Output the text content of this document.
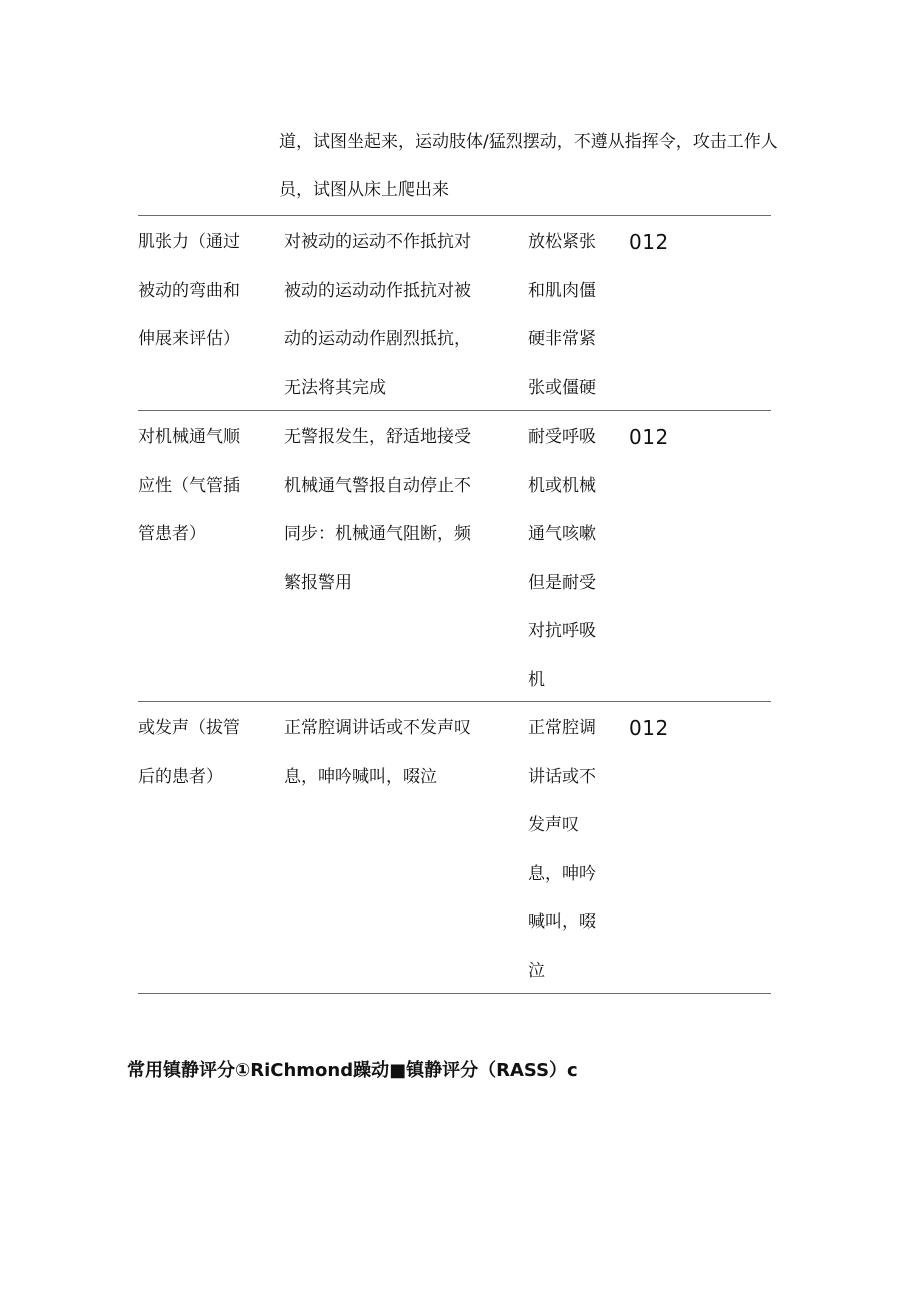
道，试图坐起来，运动肢体/猛烈摆动，不遵从指挥令，攻击工作人
员，试图从床上爬出来
肌张力（通过
被动的弯曲和
伸展来评估）
对被动的运动不作抵抗对
被动的运动动作抵抗对被
动的运动动作剧烈抵抗，
无法将其完成
放松紧张
和肌肉僵
硬非常紧
张或僵硬
012
对机械通气顺
应性（气管插
管患者）
无警报发生，舒适地接受
机械通气警报自动停止不
同步：机械通气阻断，频
繁报警用
耐受呼吸
机或机械
通气咳嗽
但是耐受
对抗呼吸
机
012
或发声（拔管
后的患者）
正常腔调讲话或不发声叹
息，呻吟喊叫，啜泣
正常腔调
讲话或不
发声叹
息，呻吟
喊叫，啜
泣
012
常用镇静评分①RiChmond躁动■镇静评分（RASS）c
